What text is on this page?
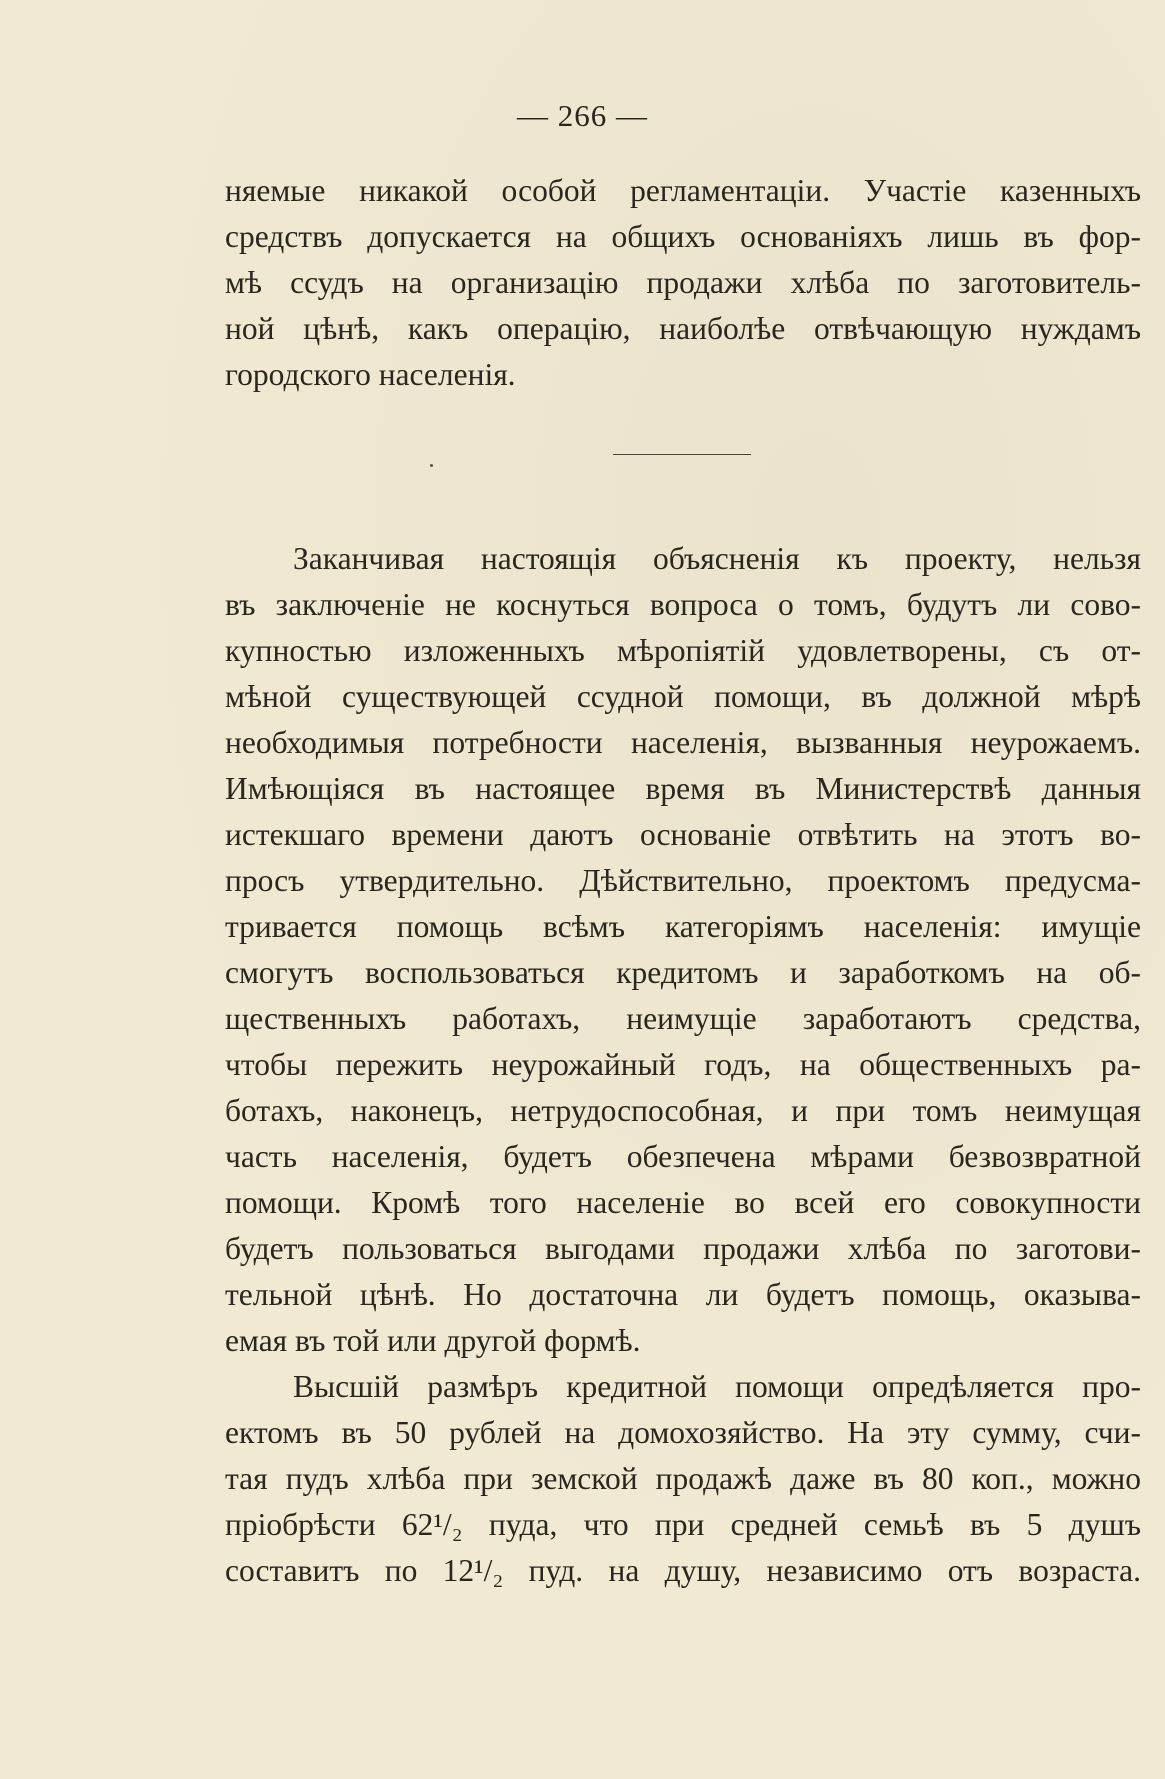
— 266 —
няемые никакой особой регламентаціи. Участіе казенныхъ
средствъ допускается на общихъ основаніяхъ лишь въ фор-
мѣ ссудъ на организацію продажи хлѣба по заготовитель-
ной цѣнѣ, какъ операцію, наиболѣе отвѣчающую нуждамъ
городского населенія.
Заканчивая настоящія объясненія къ проекту, нельзя
въ заключеніе не коснуться вопроса о томъ, будутъ ли сово-
купностью изложенныхъ мѣропіятій удовлетворены, съ от-
мѣной существующей ссудной помощи, въ должной мѣрѣ
необходимыя потребности населенія, вызванныя неурожаемъ.
Имѣющіяся въ настоящее время въ Министерствѣ данныя
истекшаго времени даютъ основаніе отвѣтить на этотъ во-
просъ утвердительно. Дѣйствительно, проектомъ предусма-
тривается помощь всѣмъ категоріямъ населенія: имущіе
смогутъ воспользоваться кредитомъ и заработкомъ на об-
щественныхъ работахъ, неимущіе заработаютъ средства,
чтобы пережить неурожайный годъ, на общественныхъ ра-
ботахъ, наконецъ, нетрудоспособная, и при томъ неимущая
часть населенія, будетъ обезпечена мѣрами безвозвратной
помощи. Кромѣ того населеніе во всей его совокупности
будетъ пользоваться выгодами продажи хлѣба по заготови-
тельной цѣнѣ. Но достаточна ли будетъ помощь, оказыва-
емая въ той или другой формѣ.
Высшій размѣръ кредитной помощи опредѣляется про-
ектомъ въ 50 рублей на домохозяйство. На эту сумму, счи-
тая пудъ хлѣба при земской продажѣ даже въ 80 коп., можно
пріобрѣсти 62¹/₂ пуда, что при средней семьѣ въ 5 душъ
составитъ по 12¹/₂ пуд. на душу, независимо отъ возраста.
